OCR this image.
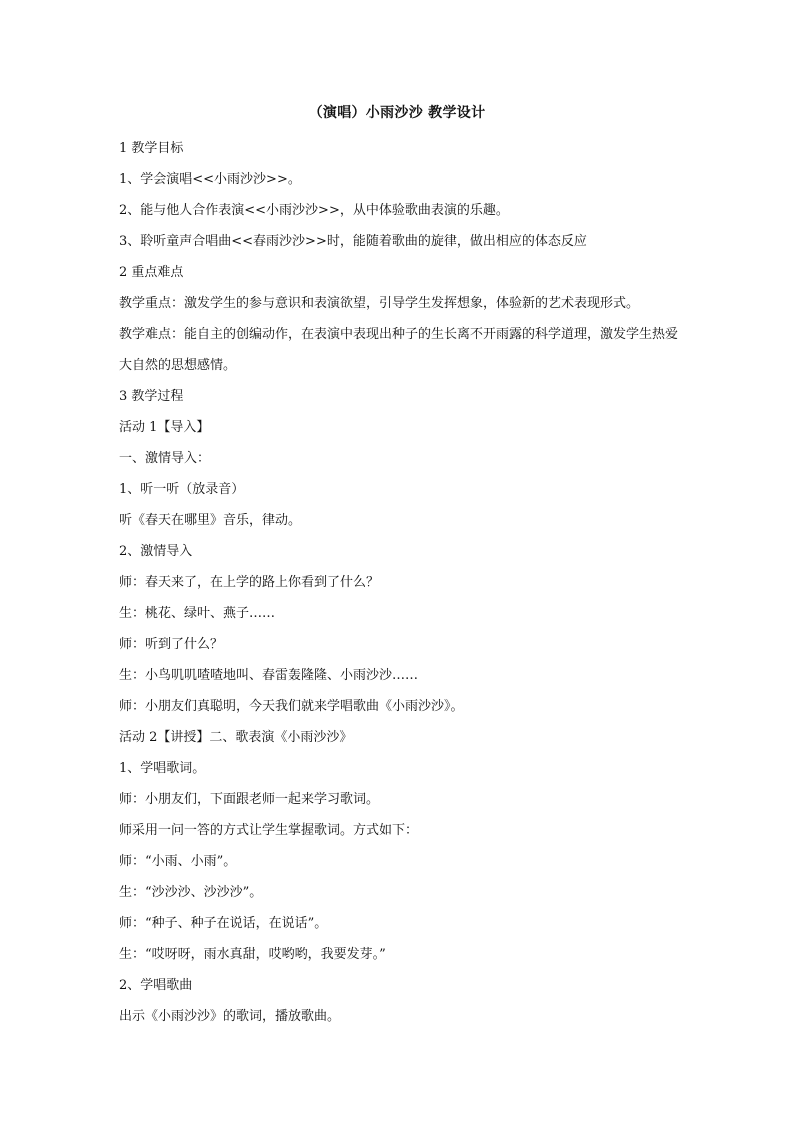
（演唱）小雨沙沙 教学设计
1 教学目标
1、学会演唱<<小雨沙沙>>。
2、能与他人合作表演<<小雨沙沙>>，从中体验歌曲表演的乐趣。
3、聆听童声合唱曲<<春雨沙沙>>时，能随着歌曲的旋律，做出相应的体态反应
2 重点难点
教学重点：激发学生的参与意识和表演欲望，引导学生发挥想象，体验新的艺术表现形式。
教学难点：能自主的创编动作，在表演中表现出种子的生长离不开雨露的科学道理，激发学生热爱大自然的思想感情。
3 教学过程
活动 1【导入】
一、激情导入：
1、听一听（放录音）
听《春天在哪里》音乐，律动。
2、激情导入
师：春天来了，在上学的路上你看到了什么？
生：桃花、绿叶、燕子……
师：听到了什么？
生：小鸟叽叽喳喳地叫、春雷轰隆隆、小雨沙沙……
师：小朋友们真聪明，今天我们就来学唱歌曲《小雨沙沙》。
活动 2【讲授】二、歌表演《小雨沙沙》
1、学唱歌词。
师：小朋友们，下面跟老师一起来学习歌词。
师采用一问一答的方式让学生掌握歌词。方式如下：
师：“小雨、小雨”。
生：“沙沙沙、沙沙沙”。
师：“种子、种子在说话，在说话”。
生：“哎呀呀，雨水真甜，哎哟哟，我要发芽。”
2、学唱歌曲
出示《小雨沙沙》的歌词，播放歌曲。
